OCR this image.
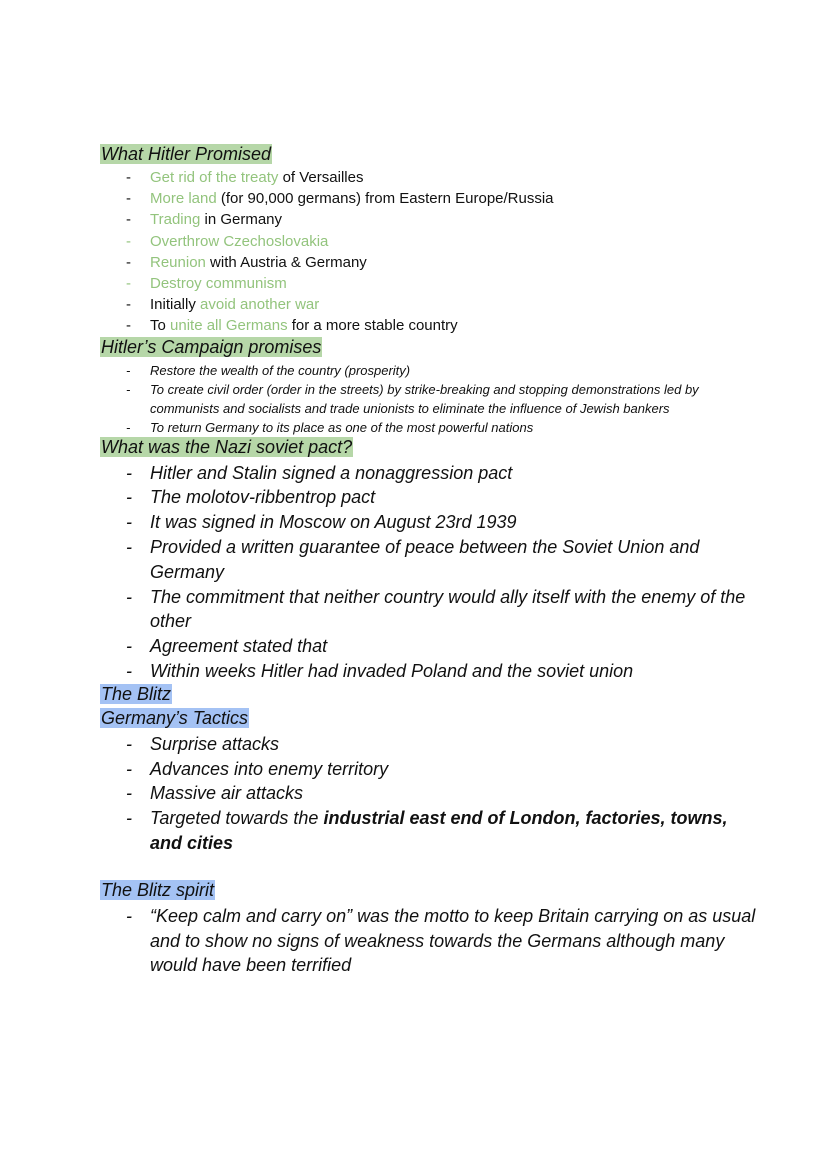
What Hitler Promised
- Get rid of the treaty of Versailles
- More land (for 90,000 germans) from Eastern Europe/Russia
- Trading in Germany
- Overthrow Czechoslovakia
- Reunion with Austria & Germany
- Destroy communism
- Initially avoid another war
- To unite all Germans for a more stable country
Hitler’s Campaign promises
- Restore the wealth of the country (prosperity)
- To create civil order (order in the streets) by strike-breaking and stopping demonstrations led by communists and socialists and trade unionists to eliminate the influence of Jewish bankers
- To return Germany to its place as one of the most powerful nations
What was the Nazi soviet pact?
- Hitler and Stalin signed a nonaggression pact
- The molotov-ribbentrop pact
- It was signed in Moscow on August 23rd 1939
- Provided a written guarantee of peace between the Soviet Union and Germany
- The commitment that neither country would ally itself with the enemy of the other
- Agreement stated that
- Within weeks Hitler had invaded Poland and the soviet union
The Blitz
Germany’s Tactics
- Surprise attacks
- Advances into enemy territory
- Massive air attacks
- Targeted towards the industrial east end of London, factories, towns, and cities
The Blitz spirit
- “Keep calm and carry on” was the motto to keep Britain carrying on as usual and to show no signs of weakness towards the Germans although many would have been terrified
